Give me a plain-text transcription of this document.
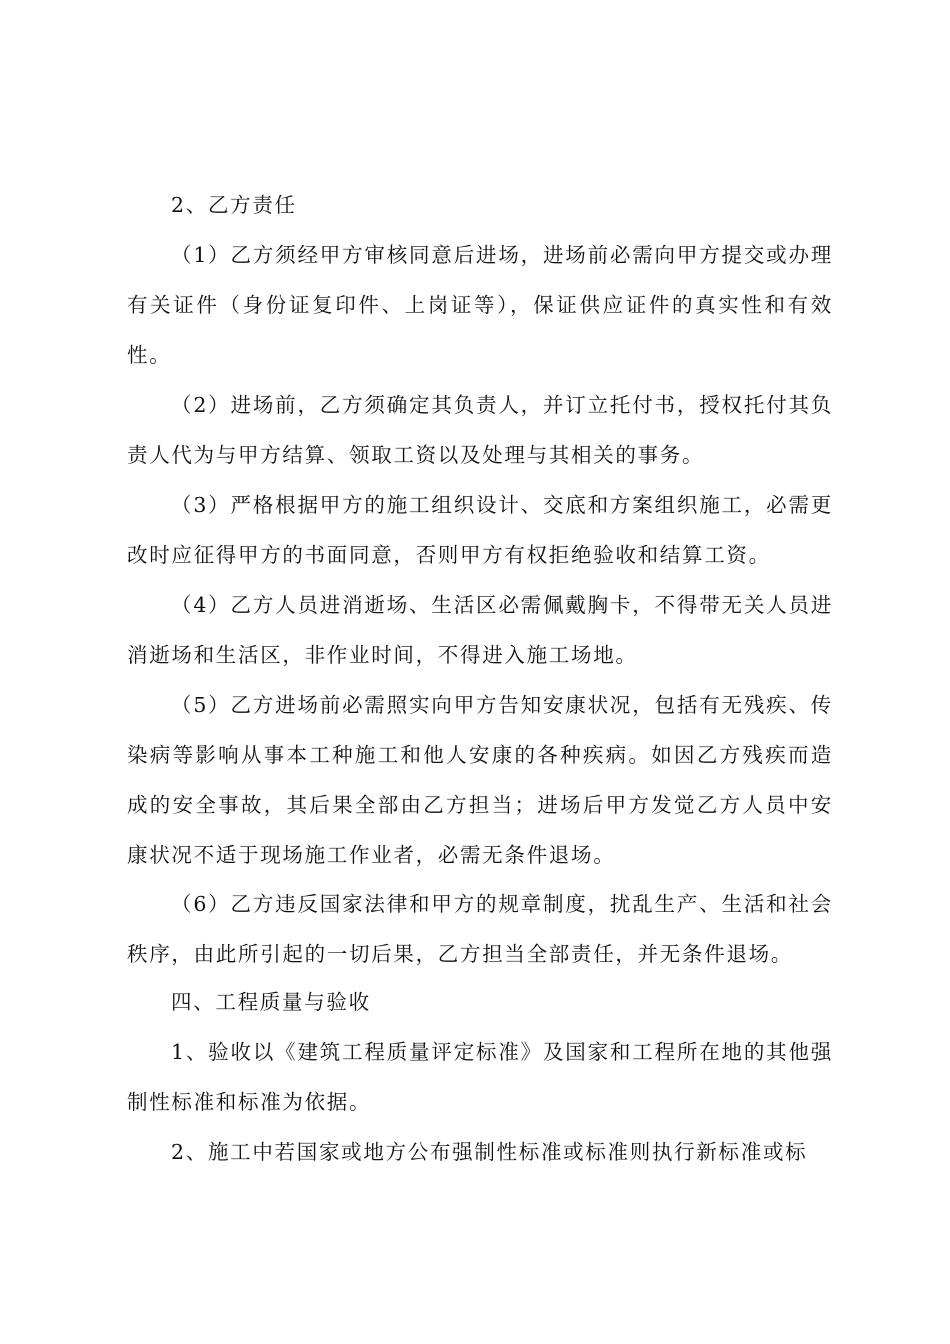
2、乙方责任

（1）乙方须经甲方审核同意后进场，进场前必需向甲方提交或办理有关证件（身份证复印件、上岗证等），保证供应证件的真实性和有效性。

（2）进场前，乙方须确定其负责人，并订立托付书，授权托付其负责人代为与甲方结算、领取工资以及处理与其相关的事务。

（3）严格根据甲方的施工组织设计、交底和方案组织施工，必需更改时应征得甲方的书面同意，否则甲方有权拒绝验收和结算工资。

（4）乙方人员进消逝场、生活区必需佩戴胸卡，不得带无关人员进消逝场和生活区，非作业时间，不得进入施工场地。

（5）乙方进场前必需照实向甲方告知安康状况，包括有无残疾、传染病等影响从事本工种施工和他人安康的各种疾病。如因乙方残疾而造成的安全事故，其后果全部由乙方担当；进场后甲方发觉乙方人员中安康状况不适于现场施工作业者，必需无条件退场。

（6）乙方违反国家法律和甲方的规章制度，扰乱生产、生活和社会秩序，由此所引起的一切后果，乙方担当全部责任，并无条件退场。

四、工程质量与验收

1、验收以《建筑工程质量评定标准》及国家和工程所在地的其他强制性标准和标准为依据。

2、施工中若国家或地方公布强制性标准或标准则执行新标准或标
